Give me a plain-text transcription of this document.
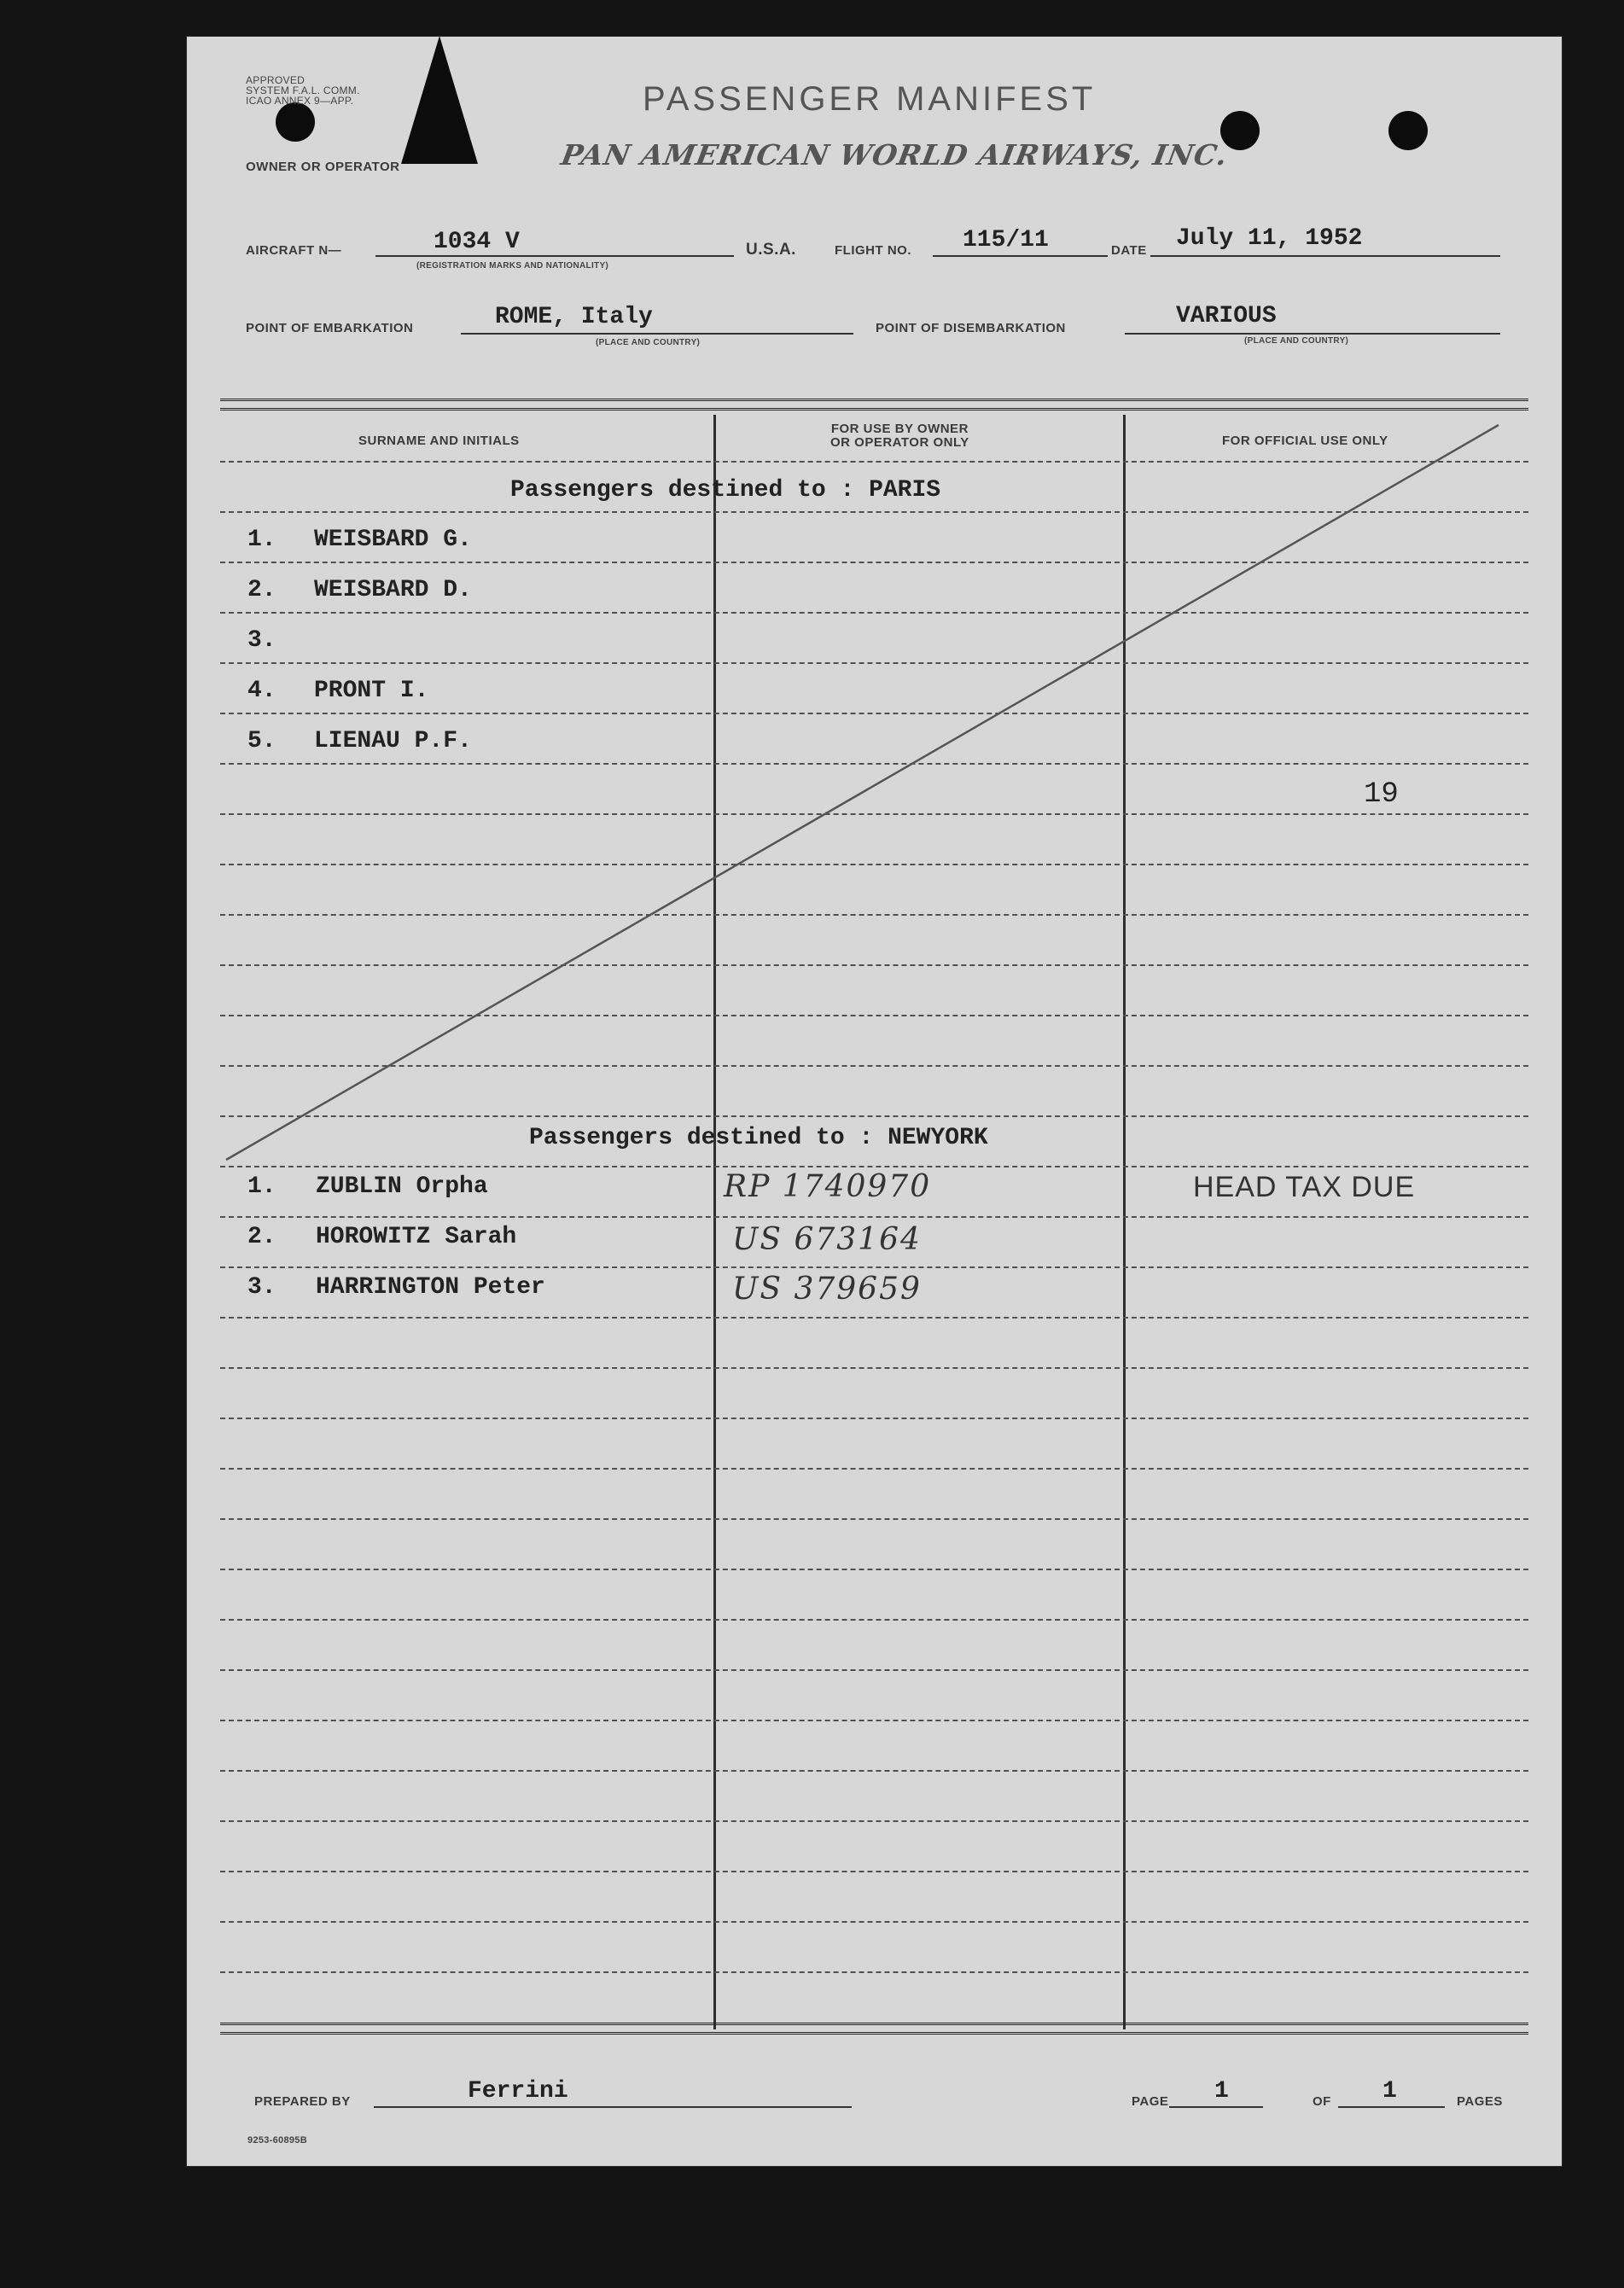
APPROVED
SYSTEM F.A.L. COMM.
ICAO ANNEX 9—APP.	PASSENGER MANIFEST
OWNER OR OPERATOR	PAN AMERICAN WORLD AIRWAYS, INC.
AIRCRAFT N—	1034 V
(REGISTRATION MARKS AND NATIONALITY)
U.S.A.	FLIGHT NO. 115/11	DATE July 11, 1952
POINT OF EMBARKATION	ROME, Italy
(PLACE AND COUNTRY)
POINT OF DISEMBARKATION	VARIOUS
(PLACE AND COUNTRY)
SURNAME AND INITIALS
FOR USE BY OWNER
OR OPERATOR ONLY	FOR OFFICIAL USE ONLY
Passengers destined to : PARIS
1. WEISBARD G.
2. WEISBARD D.
3.
4. PRONT I.
5. LIENAU P.F.
19
Passengers destined to : NEWYORK
1. ZUBLIN Orpha	RP 1740970	HEAD TAX DUE
2. HOROWITZ Sarah	US 673164
3. HARRINGTON Peter	US 379659
PREPARED BY	Ferrini	PAGE 1	OF 1	PAGES
9253-60895B
